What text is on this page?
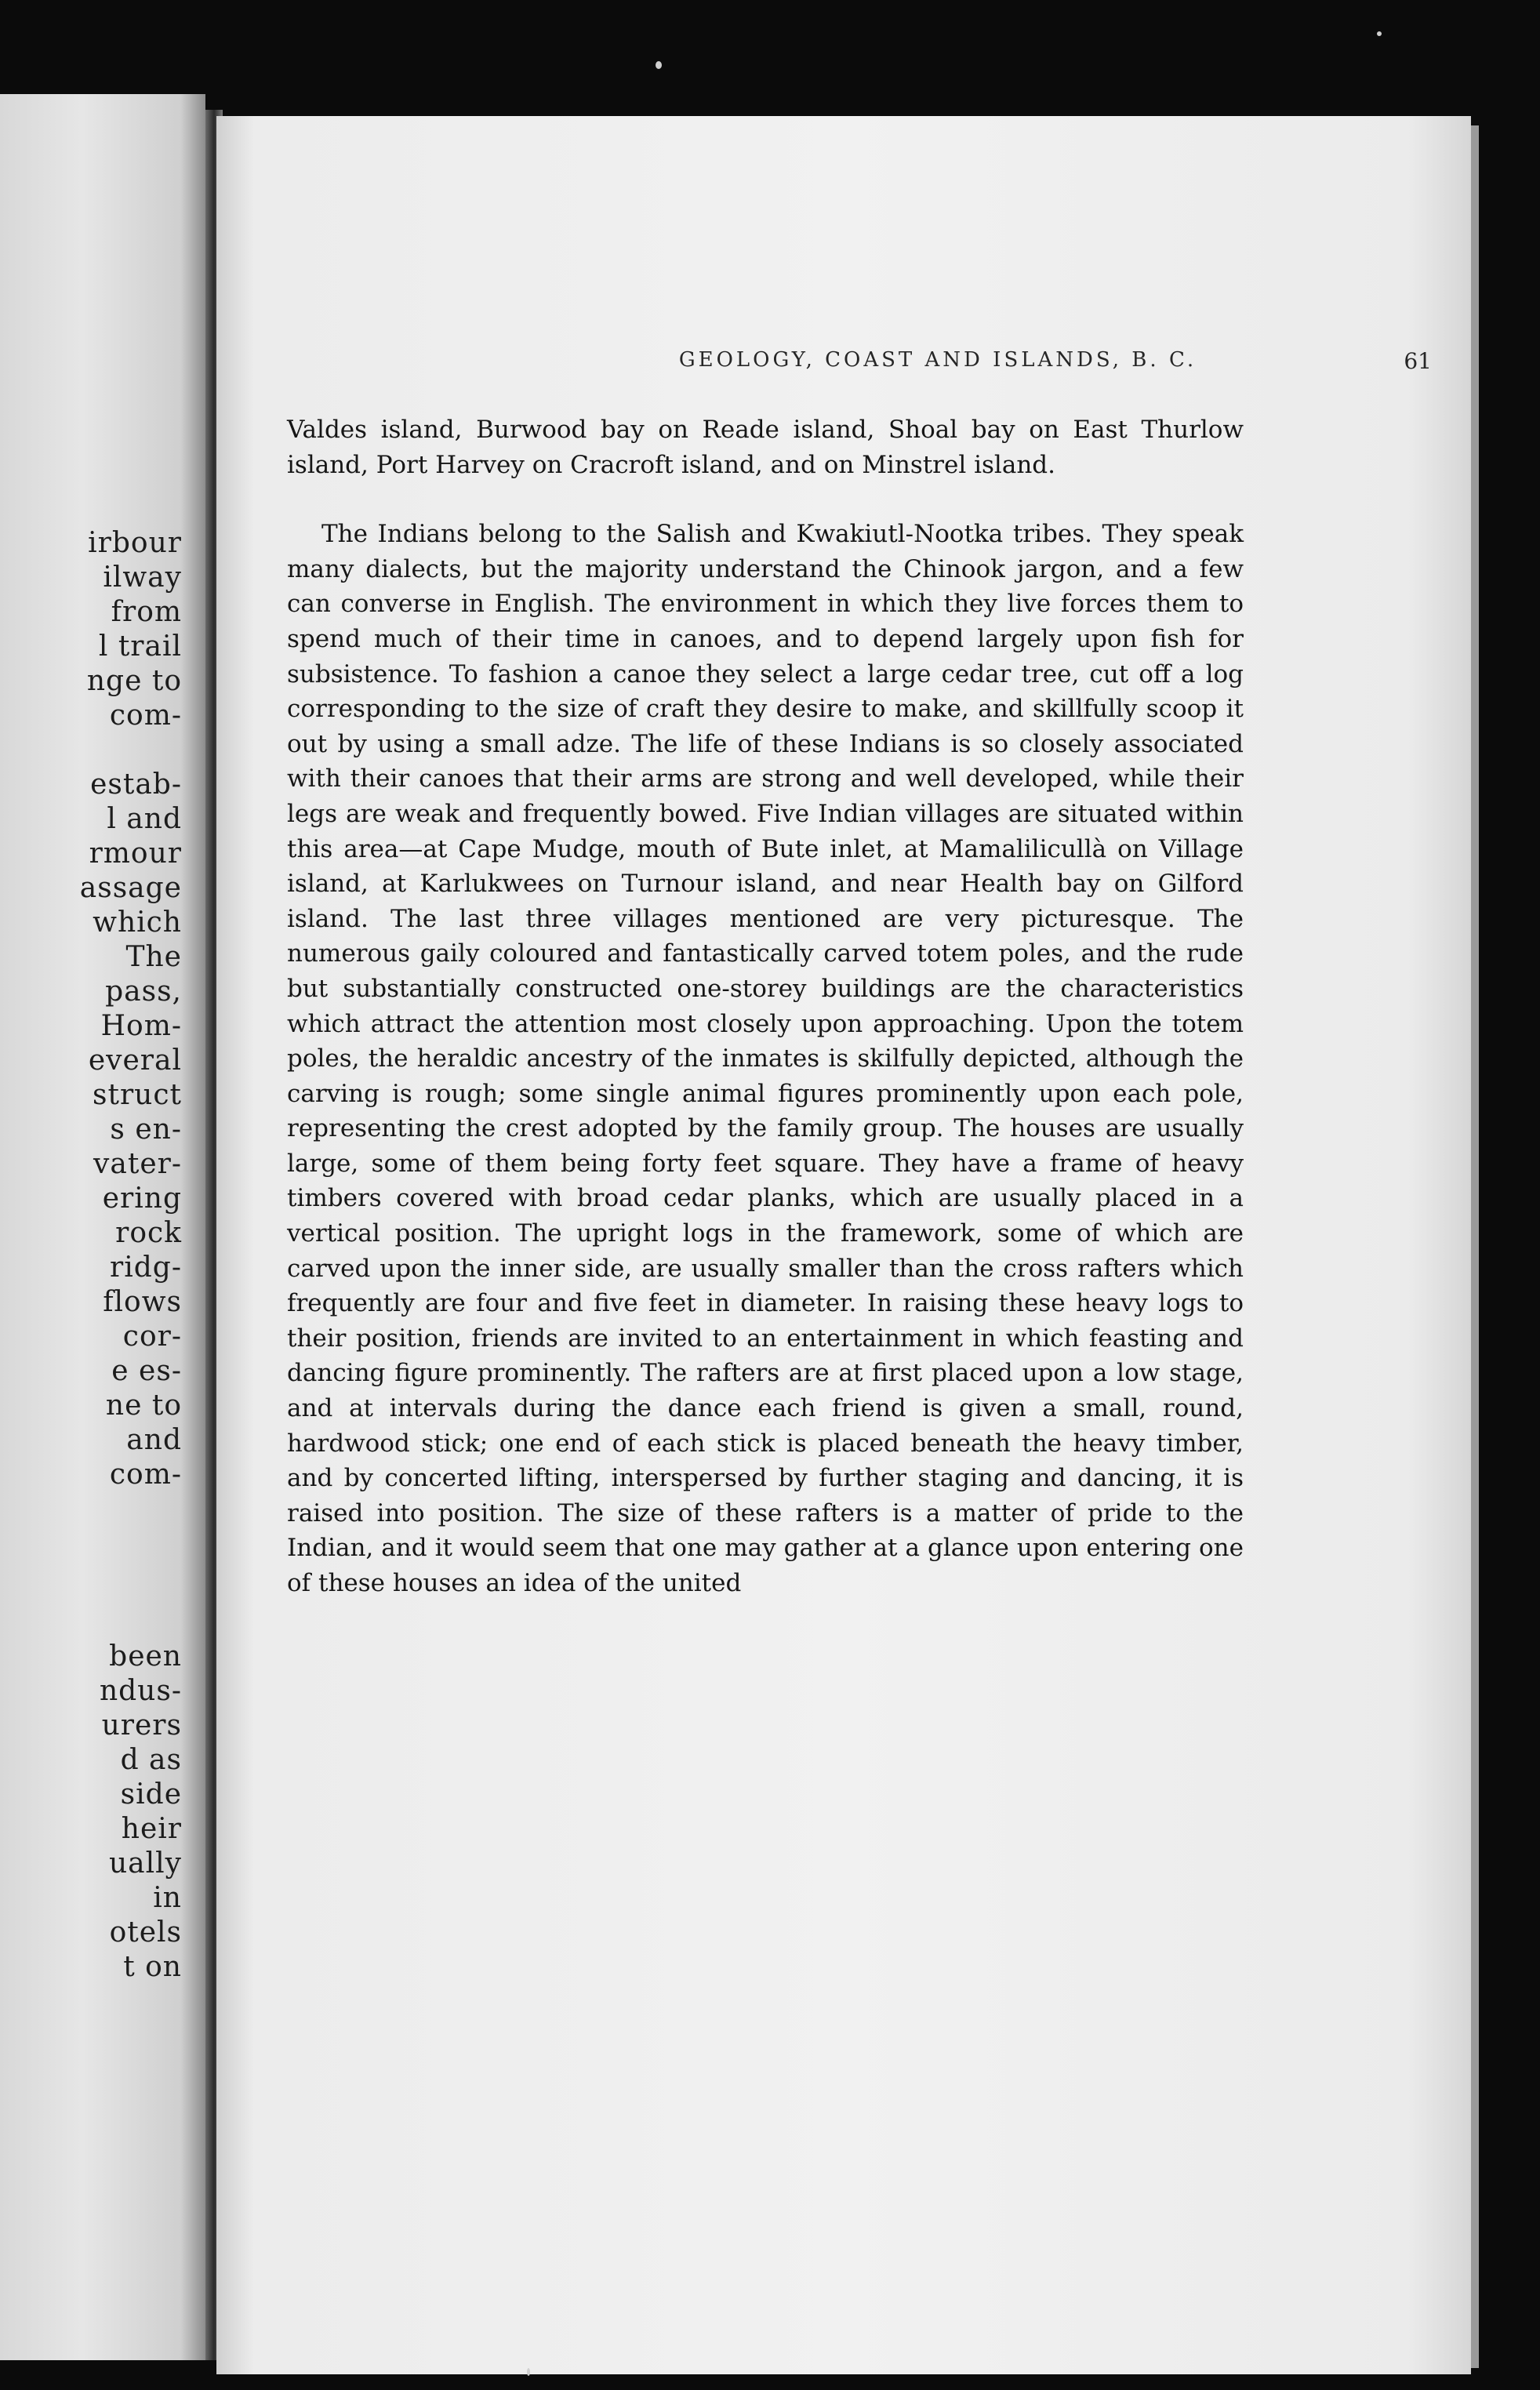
irbour
ilway
from
l trail
nge to
com-
estab-
l and
rmour
assage
which
The
pass,
Hom-
everal
struct
s en-
vater-
ering
rock
ridg-
flows
cor-
e es-
ne to
and
com-
been
ndus-
urers
d as
side
heir
ually
in
otels
t on
GEOLOGY, COAST AND ISLANDS, B. C.	61

Valdes island, Burwood bay on Reade island, Shoal bay on East Thurlow island, Port Harvey on Cracroft island, and on Minstrel island.

The Indians belong to the Salish and Kwakiutl-Nootka tribes. They speak many dialects, but the majority understand the Chinook jargon, and a few can converse in English. The environment in which they live forces them to spend much of their time in canoes, and to depend largely upon fish for subsistence. To fashion a canoe they select a large cedar tree, cut off a log corresponding to the size of craft they desire to make, and skillfully scoop it out by using a small adze. The life of these Indians is so closely associated with their canoes that their arms are strong and well developed, while their legs are weak and frequently bowed. Five Indian villages are situated within this area—at Cape Mudge, mouth of Bute inlet, at Mamalilicullà on Village island, at Karlukwees on Turnour island, and near Health bay on Gilford island. The last three villages mentioned are very picturesque. The numerous gaily coloured and fantastically carved totem poles, and the rude but substantially constructed one-storey buildings are the characteristics which attract the attention most closely upon approaching. Upon the totem poles, the heraldic ancestry of the inmates is skilfully depicted, although the carving is rough; some single animal figures prominently upon each pole, representing the crest adopted by the family group. The houses are usually large, some of them being forty feet square. They have a frame of heavy timbers covered with broad cedar planks, which are usually placed in a vertical position. The upright logs in the framework, some of which are carved upon the inner side, are usually smaller than the cross rafters which frequently are four and five feet in diameter. In raising these heavy logs to their position, friends are invited to an entertainment in which feasting and dancing figure prominently. The rafters are at first placed upon a low stage, and at intervals during the dance each friend is given a small, round, hardwood stick; one end of each stick is placed beneath the heavy timber, and by concerted lifting, interspersed by further staging and dancing, it is raised into position. The size of these rafters is a matter of pride to the Indian, and it would seem that one may gather at a glance upon entering one of these houses an idea of the united
